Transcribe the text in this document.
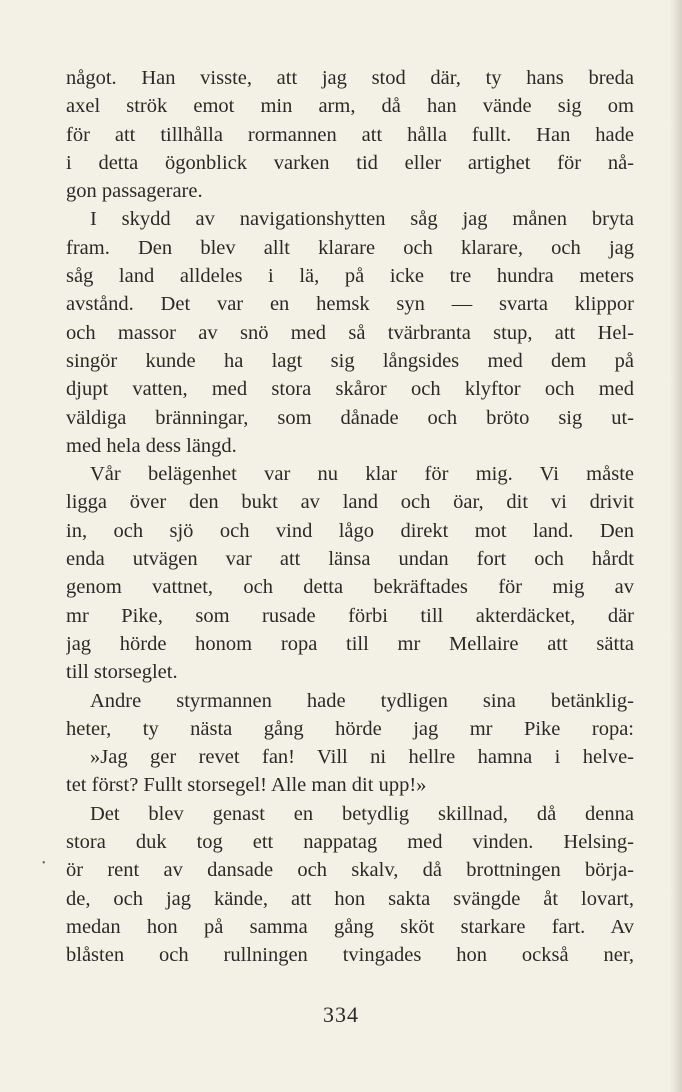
•
något. Han visste, att jag stod där, ty hans breda
axel strök emot min arm, då han vände sig om
för att tillhålla rormannen att hålla fullt. Han hade
i detta ögonblick varken tid eller artighet för nå-
gon passagerare.
I skydd av navigationshytten såg jag månen bryta
fram. Den blev allt klarare och klarare, och jag
såg land alldeles i lä, på icke tre hundra meters
avstånd. Det var en hemsk syn — svarta klippor
och massor av snö med så tvärbranta stup, att Hel-
singör kunde ha lagt sig långsides med dem på
djupt vatten, med stora skåror och klyftor och med
väldiga bränningar, som dånade och bröto sig ut-
med hela dess längd.
Vår belägenhet var nu klar för mig. Vi måste
ligga över den bukt av land och öar, dit vi drivit
in, och sjö och vind lågo direkt mot land. Den
enda utvägen var att länsa undan fort och hårdt
genom vattnet, och detta bekräftades för mig av
mr Pike, som rusade förbi till akterdäcket, där
jag hörde honom ropa till mr Mellaire att sätta
till storseglet.
Andre styrmannen hade tydligen sina betänklig-
heter, ty nästa gång hörde jag mr Pike ropa:
»Jag ger revet fan! Vill ni hellre hamna i helve-
tet först? Fullt storsegel! Alle man dit upp!»
Det blev genast en betydlig skillnad, då denna
stora duk tog ett nappatag med vinden. Helsing-
ör rent av dansade och skalv, då brottningen börja-
de, och jag kände, att hon sakta svängde åt lovart,
medan hon på samma gång sköt starkare fart. Av
blåsten och rullningen tvingades hon också ner,
334
